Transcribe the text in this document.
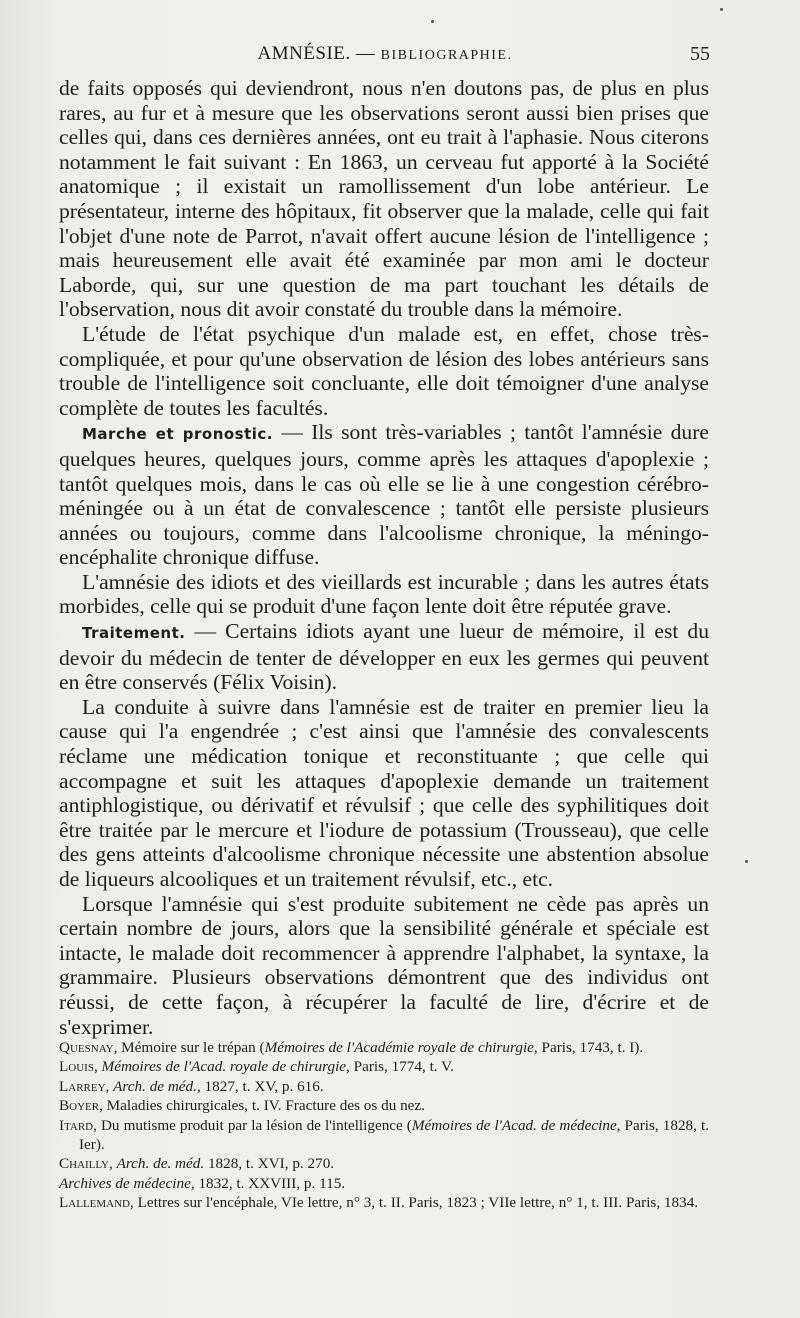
AMNÉSIE. — BIBLIOGRAPHIE.	55

de faits opposés qui deviendront, nous n'en doutons pas, de plus en plus rares, au fur et à mesure que les observations seront aussi bien prises que celles qui, dans ces dernières années, ont eu trait à l'aphasie. Nous citerons notamment le fait suivant : En 1863, un cerveau fut apporté à la Société anatomique ; il existait un ramollissement d'un lobe antérieur. Le présentateur, interne des hôpitaux, fit observer que la malade, celle qui fait l'objet d'une note de Parrot, n'avait offert aucune lésion de l'intelligence ; mais heureusement elle avait été examinée par mon ami le docteur Laborde, qui, sur une question de ma part touchant les détails de l'observation, nous dit avoir constaté du trouble dans la mémoire.

L'étude de l'état psychique d'un malade est, en effet, chose très-compliquée, et pour qu'une observation de lésion des lobes antérieurs sans trouble de l'intelligence soit concluante, elle doit témoigner d'une analyse complète de toutes les facultés.

Marche et pronostic. — Ils sont très-variables ; tantôt l'amnésie dure quelques heures, quelques jours, comme après les attaques d'apoplexie ; tantôt quelques mois, dans le cas où elle se lie à une congestion cérébro-méningée ou à un état de convalescence ; tantôt elle persiste plusieurs années ou toujours, comme dans l'alcoolisme chronique, la méningo-encéphalite chronique diffuse.

L'amnésie des idiots et des vieillards est incurable ; dans les autres états morbides, celle qui se produit d'une façon lente doit être réputée grave.

Traitement. — Certains idiots ayant une lueur de mémoire, il est du devoir du médecin de tenter de développer en eux les germes qui peuvent en être conservés (Félix Voisin).

La conduite à suivre dans l'amnésie est de traiter en premier lieu la cause qui l'a engendrée ; c'est ainsi que l'amnésie des convalescents réclame une médication tonique et reconstituante ; que celle qui accompagne et suit les attaques d'apoplexie demande un traitement antiphlogistique, ou dérivatif et révulsif ; que celle des syphilitiques doit être traitée par le mercure et l'iodure de potassium (Trousseau), que celle des gens atteints d'alcoolisme chronique nécessite une abstention absolue de liqueurs alcooliques et un traitement révulsif, etc., etc.

Lorsque l'amnésie qui s'est produite subitement ne cède pas après un certain nombre de jours, alors que la sensibilité générale et spéciale est intacte, le malade doit recommencer à apprendre l'alphabet, la syntaxe, la grammaire. Plusieurs observations démontrent que des individus ont réussi, de cette façon, à récupérer la faculté de lire, d'écrire et de s'exprimer.

Quesnay, Mémoire sur le trépan (Mémoires de l'Académie royale de chirurgie, Paris, 1743, t. I).

Louis, Mémoires de l'Acad. royale de chirurgie, Paris, 1774, t. V.

Larrey, Arch. de méd., 1827, t. XV, p. 616.

Boyer, Maladies chirurgicales, t. IV. Fracture des os du nez.

Itard, Du mutisme produit par la lésion de l'intelligence (Mémoires de l'Acad. de médecine, Paris, 1828, t. Ier).

Chailly, Arch. de. méd. 1828, t. XVI, p. 270.

Archives de médecine, 1832, t. XXVIII, p. 115.

Lallemand, Lettres sur l'encéphale, VIe lettre, n° 3, t. II. Paris, 1823 ; VIIe lettre, n° 1, t. III. Paris, 1834.
